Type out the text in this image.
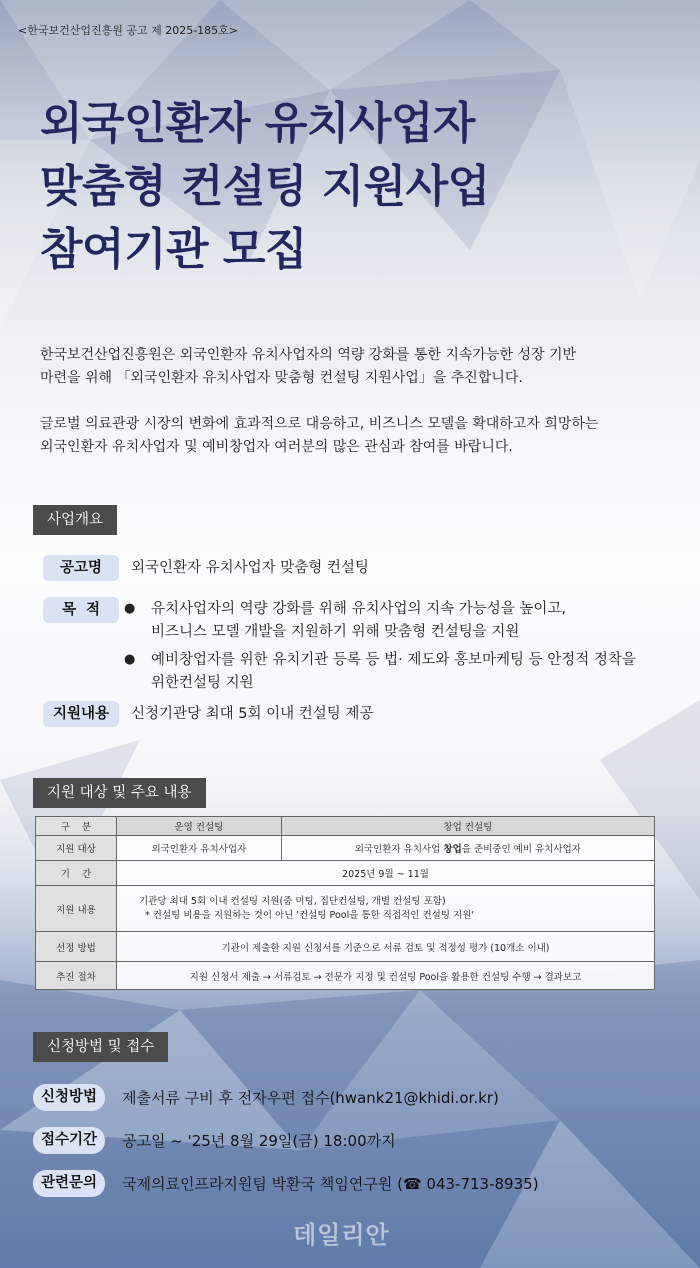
<한국보건산업진흥원 공고 제 2025-185호>
외국인환자 유치사업자
맞춤형 컨설팅 지원사업
참여기관 모집

한국보건산업진흥원은 외국인환자 유치사업자의 역량 강화를 통한 지속가능한 성장 기반
마련을 위해 「외국인환자 유치사업자 맞춤형 컨설팅 지원사업」을 추진합니다.

글로벌 의료관광 시장의 변화에 효과적으로 대응하고, 비즈니스 모델을 확대하고자 희망하는
외국인환자 유치사업자 및 예비창업자 여러분의 많은 관심과 참여를 바랍니다.

사업개요
공고명	외국인환자 유치사업자 맞춤형 컨설팅
목  적	● 유치사업자의 역량 강화를 위해 유치사업의 지속 가능성을 높이고,
비즈니스 모델 개발을 지원하기 위해 맞춤형 컨설팅을 지원
● 예비창업자를 위한 유치기관 등록 등 법· 제도와 홍보마케팅 등 안정적 정착을
위한컨설팅 지원
지원내용	신청기관당 최대 5회 이내 컨설팅 제공
지원 대상 및 주요 내용
구    분	운영 컨설팅	창업 컨설팅
지원 대상	외국인환자 유치사업자	외국인환자 유치사업 창업을 준비중인 예비 유치사업자
기    간	2025년 9월 ~ 11월	
지원 내용	기관당 최대 5회 이내 컨설팅 지원(줌 미팅, 집단컨설팅, 개별 컨설팅 포함)
* 컨설팅 비용을 지원하는 것이 아닌 '컨설팅 Pool을 통한 직접적인 컨설팅 지원'	
선정 방법	기관이 제출한 지원 신청서를 기준으로 서류 검토 및 적정성 평가 (10개소 이내)	
추진 절차	지원 신청서 제출 → 서류검토 → 전문가 지정 및 컨설팅 Pool을 활용한 컨설팅 수행 → 결과보고	
신청방법 및 접수
신청방법	제출서류 구비 후 전자우편 접수(hwank21@khidi.or.kr)
접수기간	공고일 ~ '25년 8월 29일(금) 18:00까지
관련문의	국제의료인프라지원팀 박환국 책임연구원 (☎ 043-713-8935)
데일리안
